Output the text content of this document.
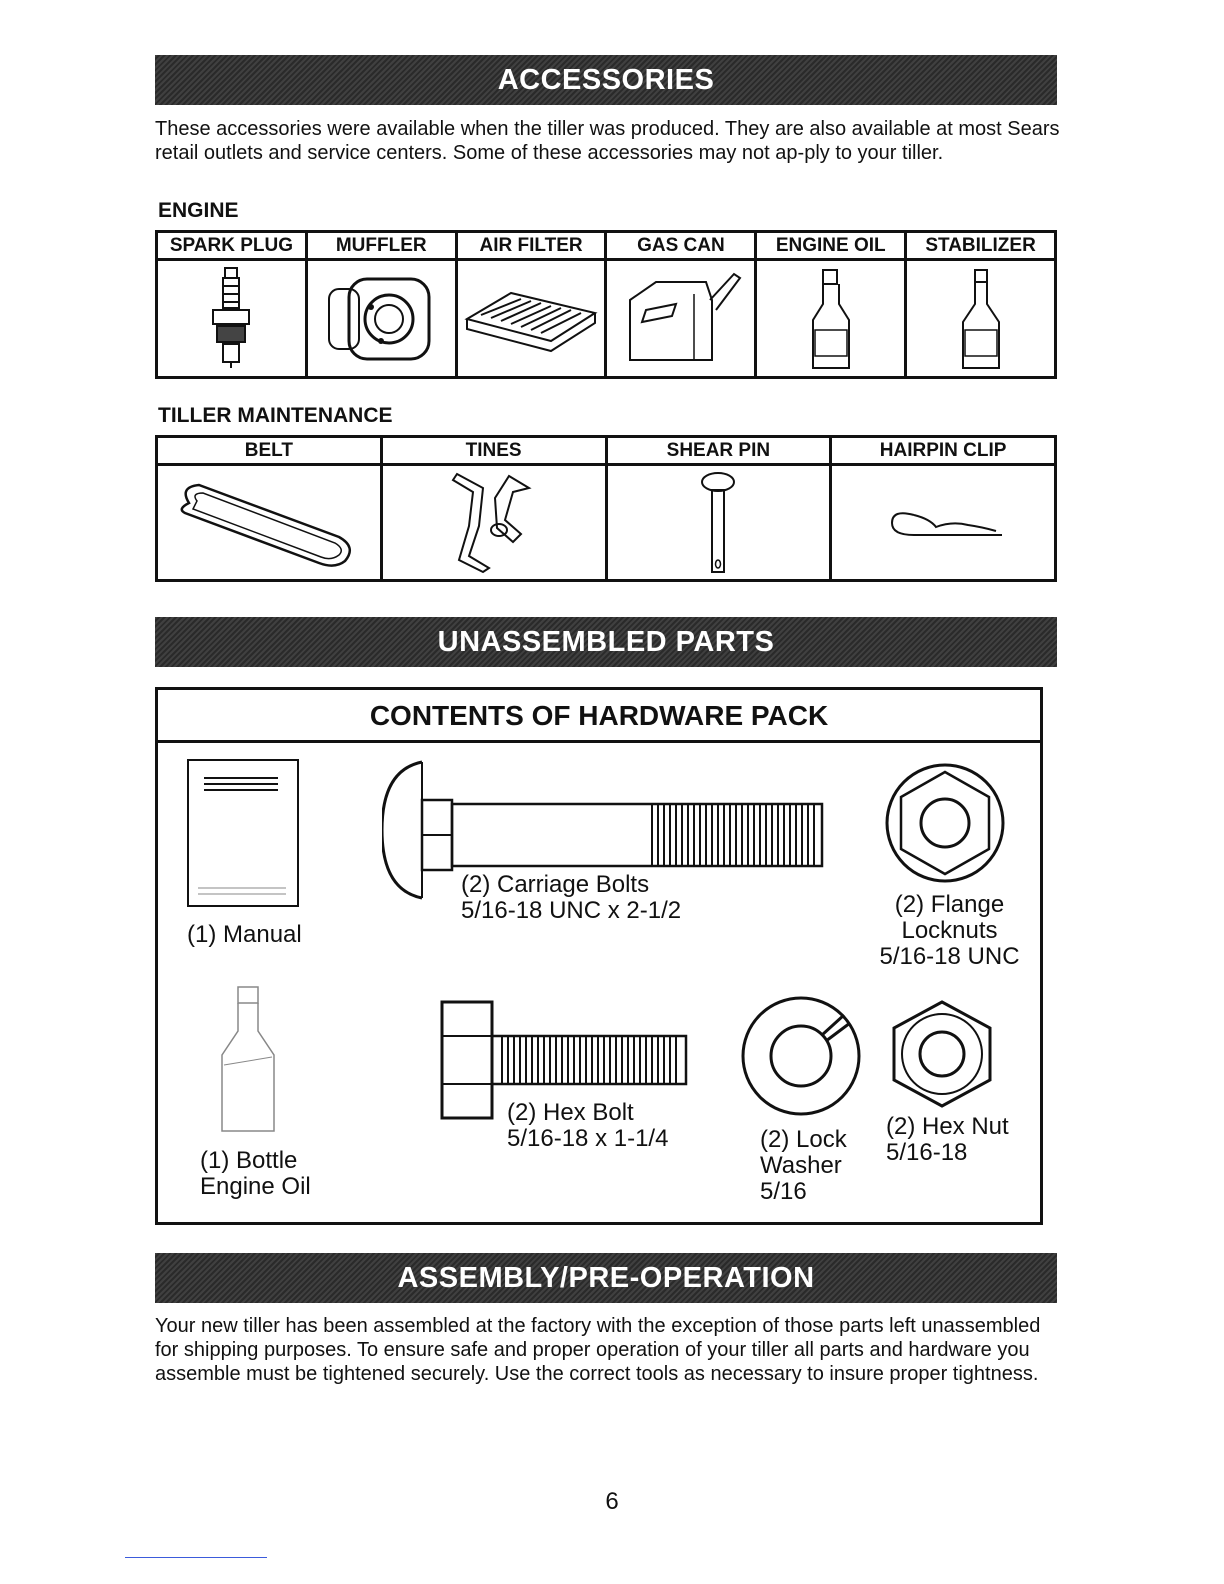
ACCESSORIES

These accessories were available when the tiller was produced. They are also available at most Sears retail outlets and service centers. Some of these accessories may not ap-ply to your tiller.

ENGINE
SPARK PLUG	MUFFLER	AIR FILTER	GAS CAN	ENGINE OIL	STABILIZER

TILLER MAINTENANCE
BELT	TINES	SHEAR PIN	HAIRPIN CLIP

UNASSEMBLED PARTS
CONTENTS OF HARDWARE PACK
(1) Manual
(2) Carriage Bolts
5/16-18 UNC x 2-1/2	(2) Flange
Locknuts
5/16-18 UNC
(1) Bottle
Engine Oil
(2) Hex Bolt
5/16-18 x 1-1/4	(2) Lock
Washer
5/16
(2) Hex Nut
5/16-18
ASSEMBLY/PRE-OPERATION

Your new tiller has been assembled at the factory with the exception of those parts left unassembled for shipping purposes. To ensure safe and proper operation of your tiller all parts and hardware you assemble must be tightened securely. Use the correct tools as necessary to insure proper tightness.

6
